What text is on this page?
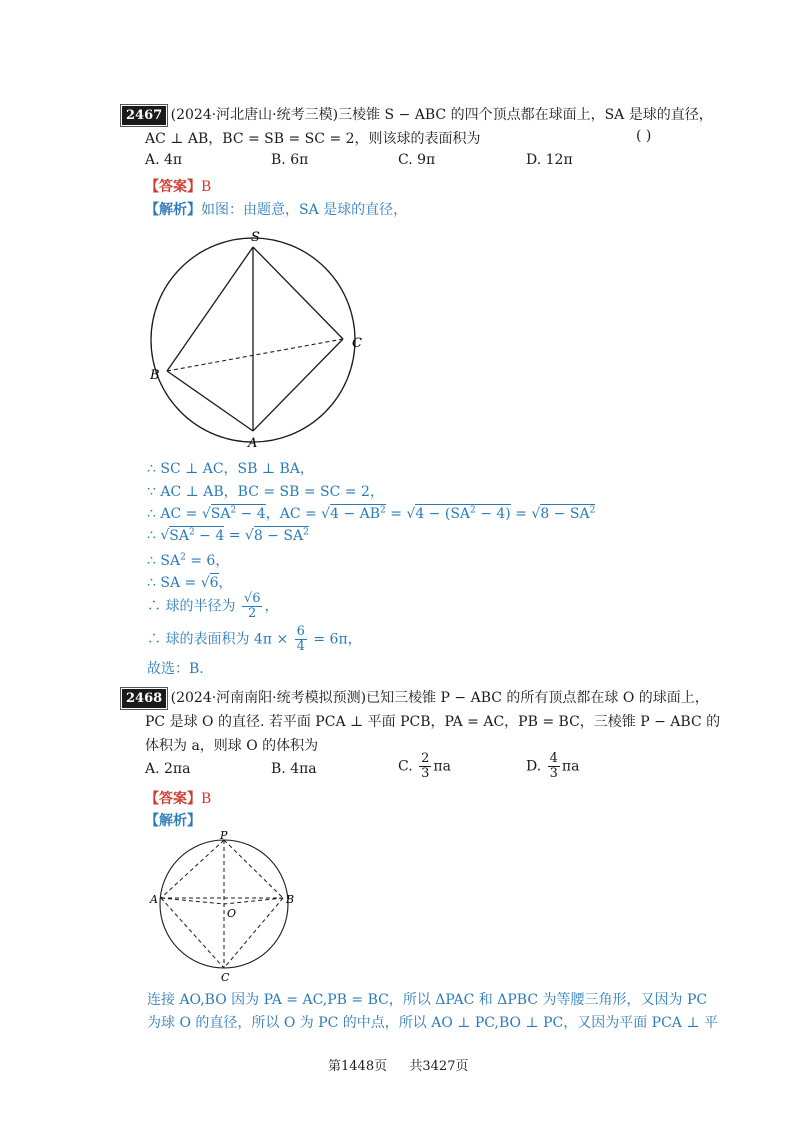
2467 (2024·河北唐山·统考三模)三棱锥 S − ABC 的四个顶点都在球面上，SA 是球的直径，
AC ⊥ AB，BC = SB = SC = 2，则该球的表面积为	( )
A. 4π	B. 6π	C. 9π	D. 12π
【答案】B
【解析】如图：由题意，SA 是球的直径，
S
A
B
C
∴ SC ⊥ AC，SB ⊥ BA，
∵ AC ⊥ AB，BC = SB = SC = 2，
∴ AC = $√SA^2 - 4$，AC = $√4 - AB^2 = √4 - (SA^2 - 4) = √8 - SA^2$
∴ $√SA^2 - 4 = √8 - SA^2$
∴ $SA^2 = 6$，
∴ SA = √6，
∴ 球的半径为 $\frac{√6}{2}$ ，
∴ 球的表面积为 $4\pi \times \frac{6}{4} = 6\pi$，
故选：B.
2468 (2024·河南南阳·统考模拟预测)已知三棱锥 P − ABC 的所有顶点都在球 O 的球面上，
PC 是球 O 的直径. 若平面 PCA ⊥ 平面 PCB，PA = AC，PB = BC，三棱锥 P − ABC 的
体积为 a，则球 O 的体积为
A. 2πa	B. 4πa	C. $\frac{2}{3}$ πa	D. $\frac{4}{3}$ πa
【答案】B
【解析】
P
A	B
C
O
连接 AO,BO 因为 PA = AC,PB = BC，所以 ΔPAC 和 ΔPBC 为等腰三角形，又因为 PC
为球 O 的直径，所以 O 为 PC 的中点，所以 AO ⊥ PC,BO ⊥ PC，又因为平面 PCA ⊥ 平
第1448页 共3427页
